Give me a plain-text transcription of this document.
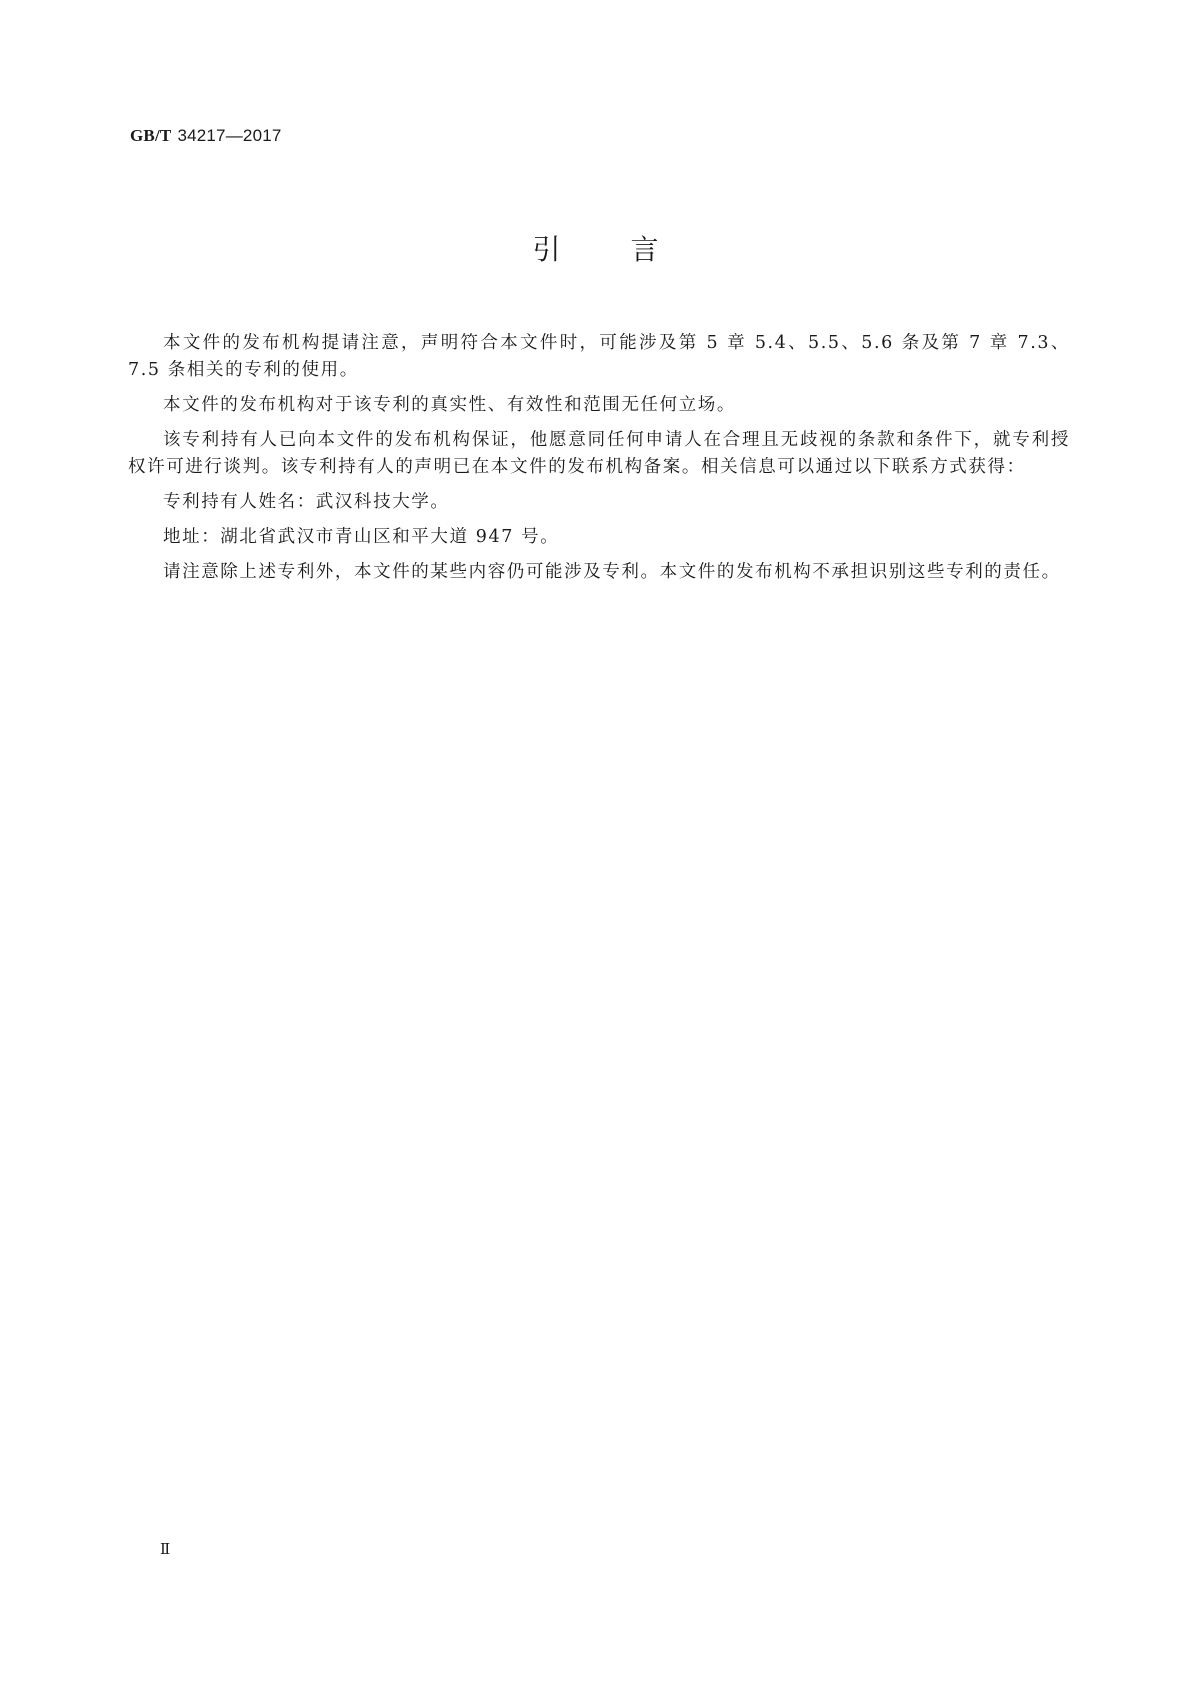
GB/T 34217—2017
引言

本文件的发布机构提请注意，声明符合本文件时，可能涉及第 5 章 5.4、5.5、5.6 条及第 7 章 7.3、7.5 条相关的专利的使用。

本文件的发布机构对于该专利的真实性、有效性和范围无任何立场。

该专利持有人已向本文件的发布机构保证，他愿意同任何申请人在合理且无歧视的条款和条件下，就专利授权许可进行谈判。该专利持有人的声明已在本文件的发布机构备案。相关信息可以通过以下联系方式获得：

专利持有人姓名：武汉科技大学。

地址：湖北省武汉市青山区和平大道 947 号。

请注意除上述专利外，本文件的某些内容仍可能涉及专利。本文件的发布机构不承担识别这些专利的责任。

Ⅱ
